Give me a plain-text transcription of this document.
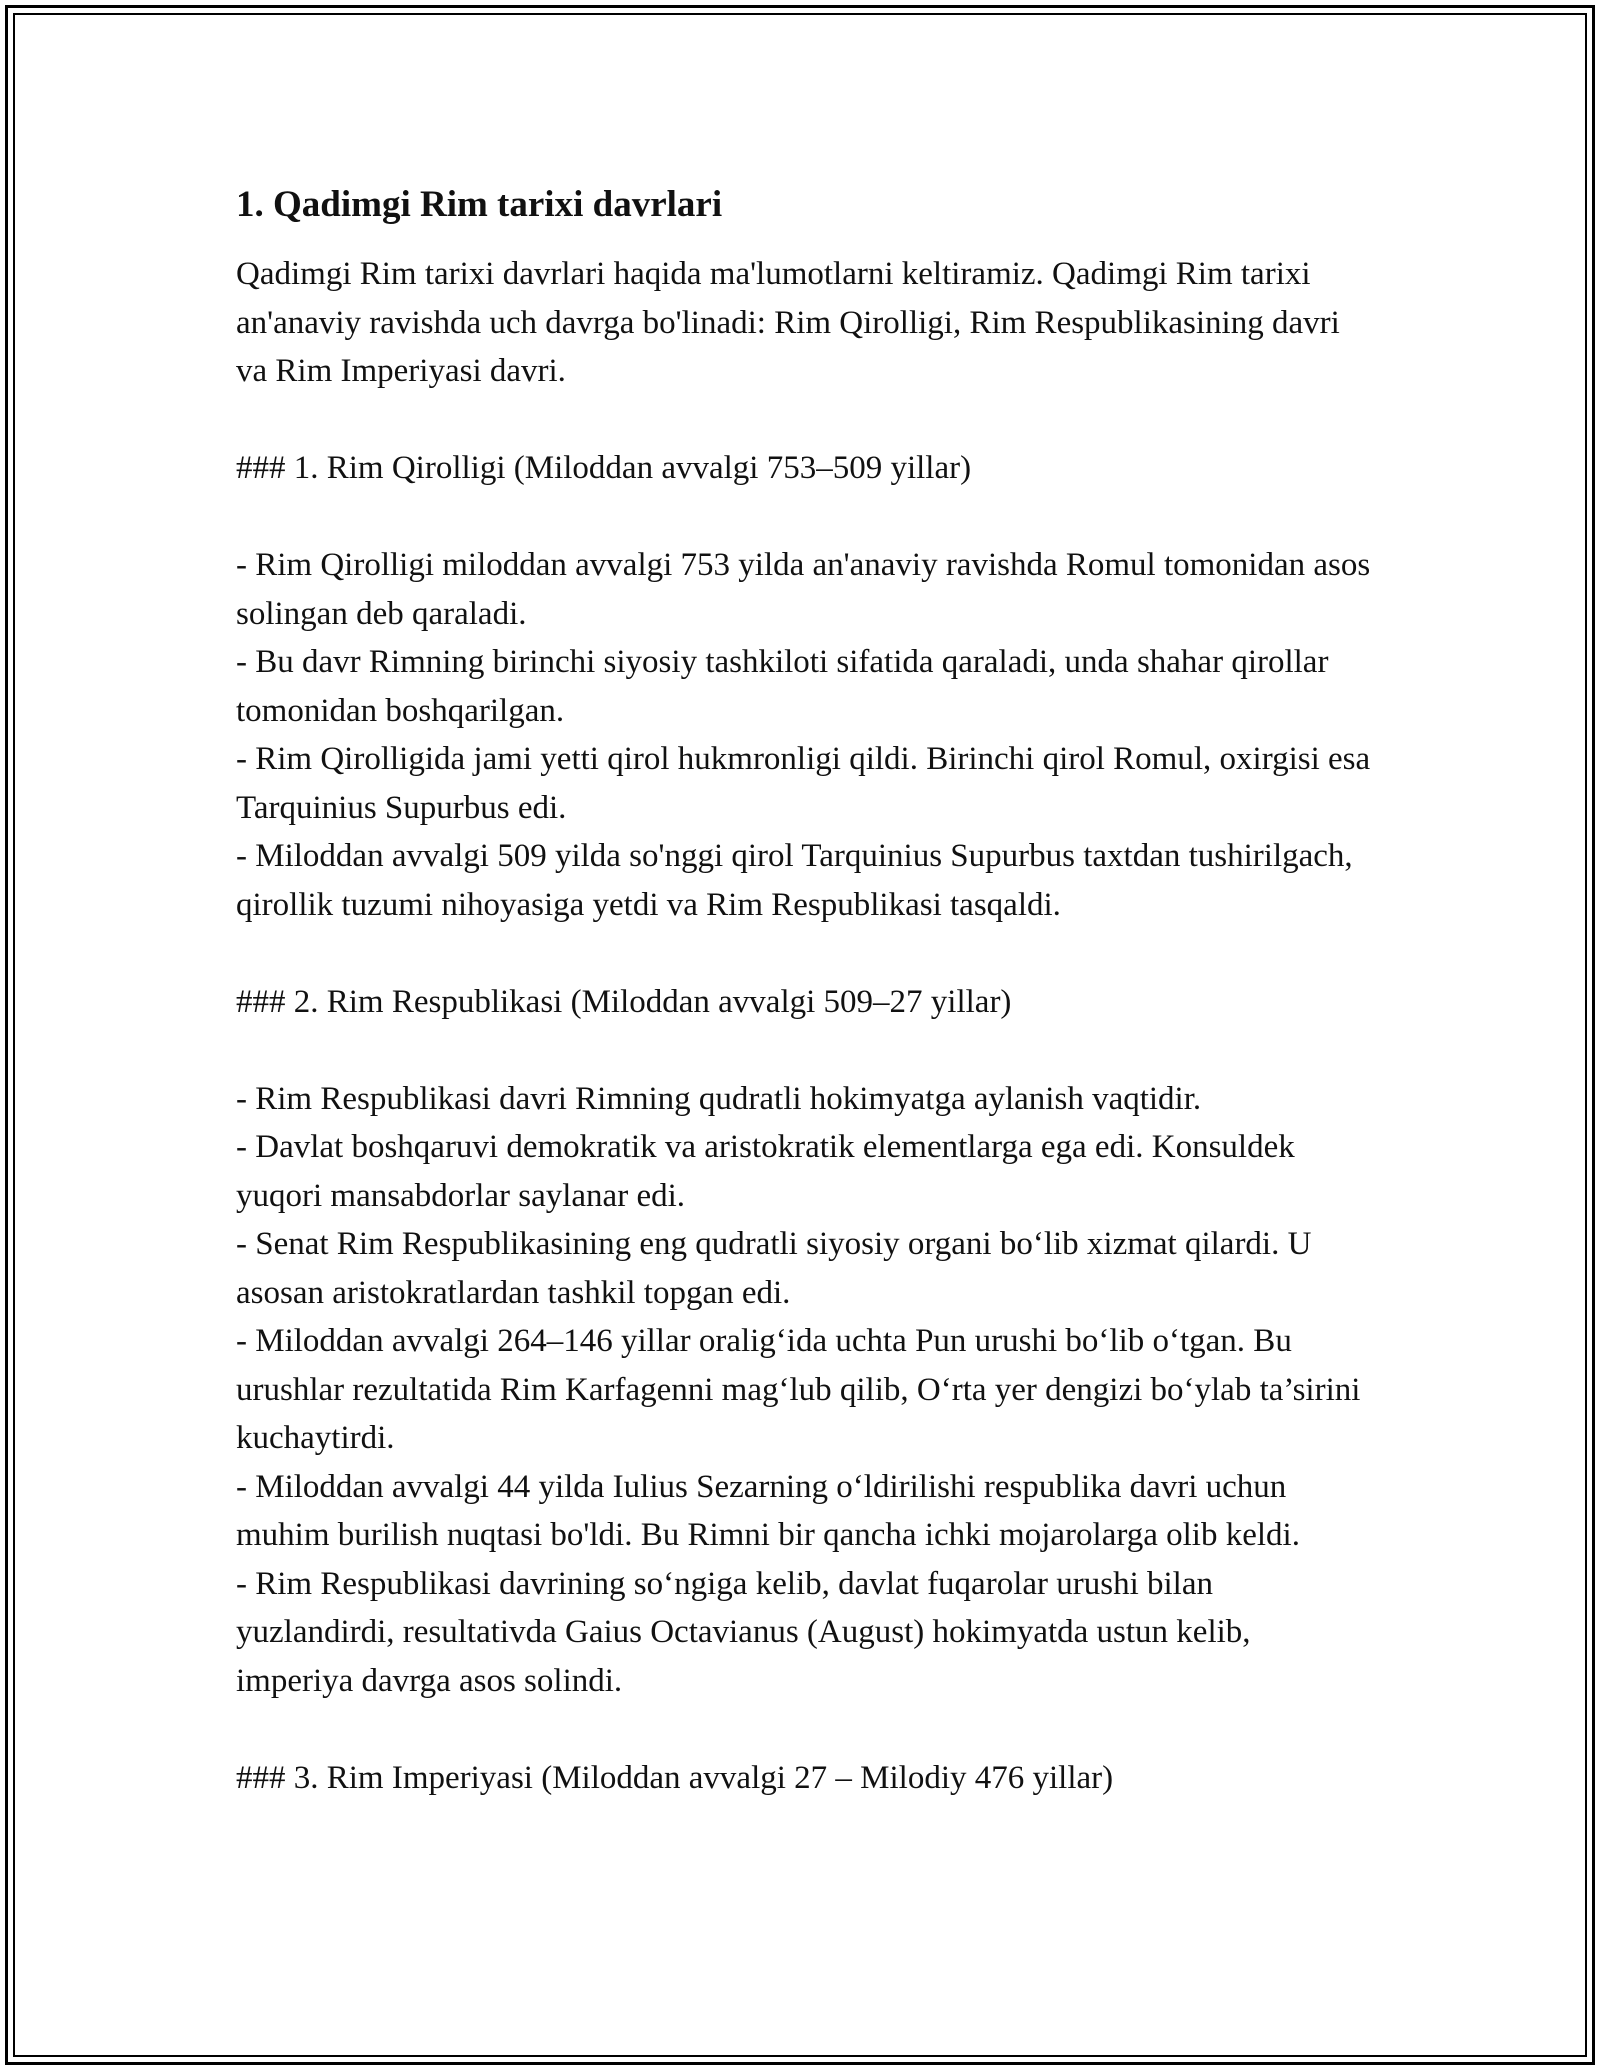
1. Qadimgi Rim tarixi davrlari

Qadimgi Rim tarixi davrlari haqida ma'lumotlarni keltiramiz. Qadimgi Rim tarixi an'anaviy ravishda uch davrga bo'linadi: Rim Qirolligi, Rim Respublikasining davri va Rim Imperiyasi davri.

### 1. Rim Qirolligi (Miloddan avvalgi 753–509 yillar)

- Rim Qirolligi miloddan avvalgi 753 yilda an'anaviy ravishda Romul tomonidan asos solingan deb qaraladi.
- Bu davr Rimning birinchi siyosiy tashkiloti sifatida qaraladi, unda shahar qirollar tomonidan boshqarilgan.
- Rim Qirolligida jami yetti qirol hukmronligi qildi. Birinchi qirol Romul, oxirgisi esa Tarquinius Supurbus edi.
- Miloddan avvalgi 509 yilda so'nggi qirol Tarquinius Supurbus taxtdan tushirilgach, qirollik tuzumi nihoyasiga yetdi va Rim Respublikasi tasqaldi.

### 2. Rim Respublikasi (Miloddan avvalgi 509–27 yillar)

- Rim Respublikasi davri Rimning qudratli hokimyatga aylanish vaqtidir.
- Davlat boshqaruvi demokratik va aristokratik elementlarga ega edi. Konsuldek yuqori mansabdorlar saylanar edi.
- Senat Rim Respublikasining eng qudratli siyosiy organi bo‘lib xizmat qilardi. U asosan aristokratlardan tashkil topgan edi.
- Miloddan avvalgi 264–146 yillar oralig‘ida uchta Pun urushi bo‘lib o‘tgan. Bu urushlar rezultatida Rim Karfagenni mag‘lub qilib, O‘rta yer dengizi bo‘ylab ta’sirini kuchaytirdi.
- Miloddan avvalgi 44 yilda Iulius Sezarning o‘ldirilishi respublika davri uchun muhim burilish nuqtasi bo'ldi. Bu Rimni bir qancha ichki mojarolarga olib keldi.
- Rim Respublikasi davrining so‘ngiga kelib, davlat fuqarolar urushi bilan yuzlandirdi, resultativda Gaius Octavianus (August) hokimyatda ustun kelib, imperiya davrga asos solindi.

### 3. Rim Imperiyasi (Miloddan avvalgi 27 – Milodiy 476 yillar)
